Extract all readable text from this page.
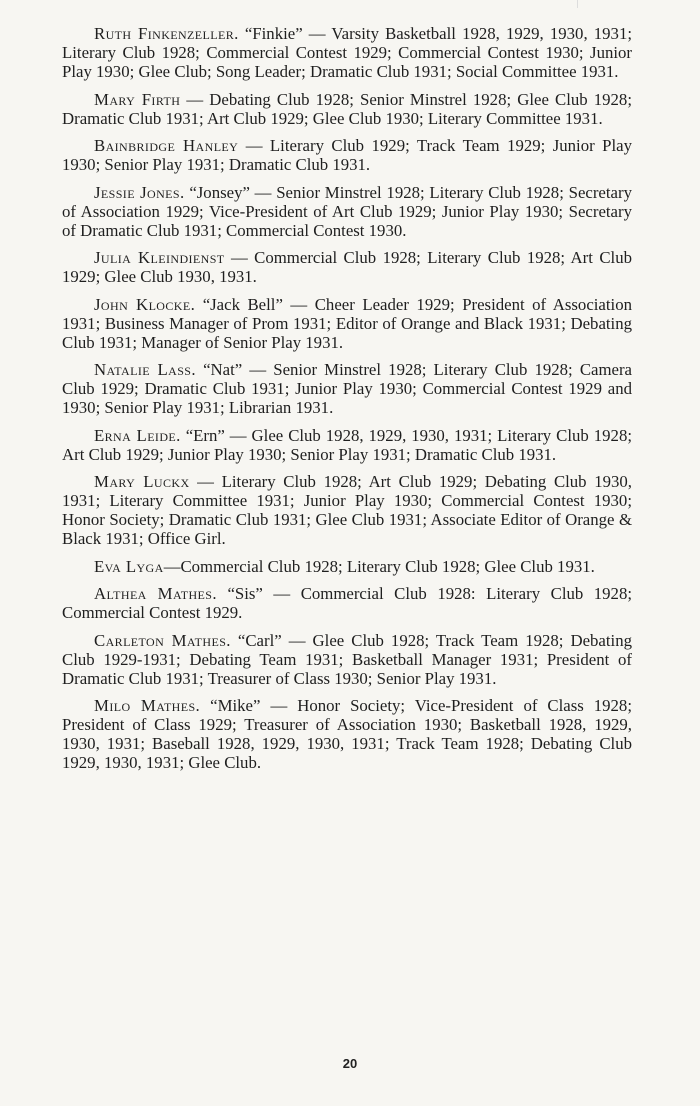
Ruth Finkenzeller. “Finkie” — Varsity Basketball 1928, 1929, 1930, 1931; Literary Club 1928; Commercial Contest 1929; Commercial Contest 1930; Junior Play 1930; Glee Club; Song Leader; Dramatic Club 1931; Social Committee 1931.

Mary Firth — Debating Club 1928; Senior Minstrel 1928; Glee Club 1928; Dramatic Club 1931; Art Club 1929; Glee Club 1930; Literary Committee 1931.

Bainbridge Hanley — Literary Club 1929; Track Team 1929; Junior Play 1930; Senior Play 1931; Dramatic Club 1931.

Jessie Jones. “Jonsey” — Senior Minstrel 1928; Literary Club 1928; Secretary of Association 1929; Vice-President of Art Club 1929; Junior Play 1930; Secretary of Dramatic Club 1931; Commercial Contest 1930.

Julia Kleindienst — Commercial Club 1928; Literary Club 1928; Art Club 1929; Glee Club 1930, 1931.

John Klocke. “Jack Bell” — Cheer Leader 1929; President of Association 1931; Business Manager of Prom 1931; Editor of Orange and Black 1931; Debating Club 1931; Manager of Senior Play 1931.

Natalie Lass. “Nat” — Senior Minstrel 1928; Literary Club 1928; Camera Club 1929; Dramatic Club 1931; Junior Play 1930; Commercial Contest 1929 and 1930; Senior Play 1931; Librarian 1931.

Erna Leide. “Ern” — Glee Club 1928, 1929, 1930, 1931; Literary Club 1928; Art Club 1929; Junior Play 1930; Senior Play 1931; Dramatic Club 1931.

Mary Luckx — Literary Club 1928; Art Club 1929; Debating Club 1930, 1931; Literary Committee 1931; Junior Play 1930; Commercial Contest 1930; Honor Society; Dramatic Club 1931; Glee Club 1931; Associate Editor of Orange & Black 1931; Office Girl.

Eva Lyga—Commercial Club 1928; Literary Club 1928; Glee Club 1931.

Althea Mathes. “Sis” — Commercial Club 1928: Literary Club 1928; Commercial Contest 1929.

Carleton Mathes. “Carl” — Glee Club 1928; Track Team 1928; Debating Club 1929-1931; Debating Team 1931; Basketball Manager 1931; President of Dramatic Club 1931; Treasurer of Class 1930; Senior Play 1931.

Milo Mathes. “Mike” — Honor Society; Vice-President of Class 1928; President of Class 1929; Treasurer of Association 1930; Basketball 1928, 1929, 1930, 1931; Baseball 1928, 1929, 1930, 1931; Track Team 1928; Debating Club 1929, 1930, 1931; Glee Club.

20
